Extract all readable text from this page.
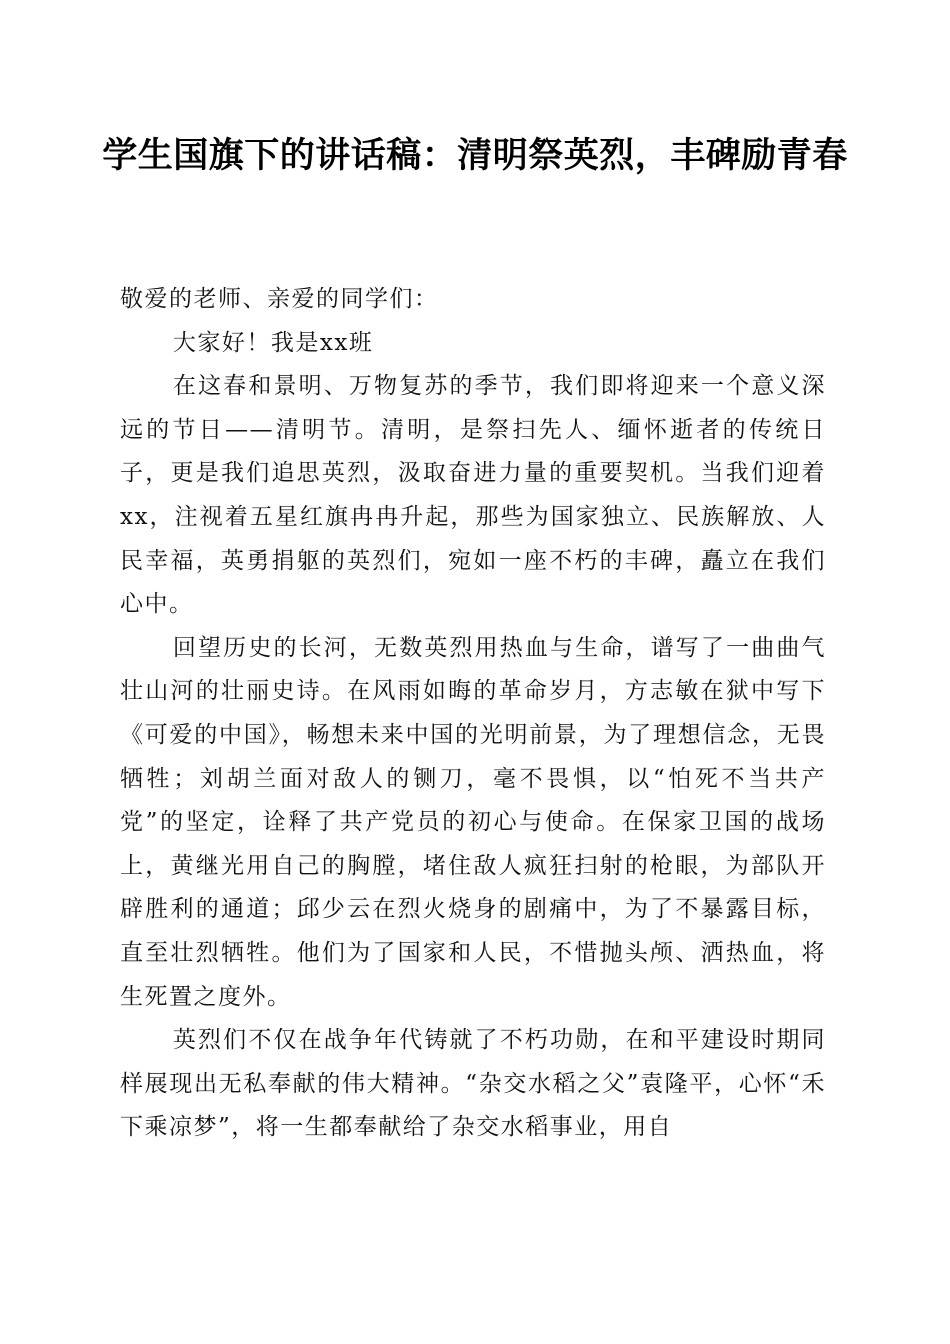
学生国旗下的讲话稿：清明祭英烈，丰碑励青春

敬爱的老师、亲爱的同学们：

大家好！我是xx班

在这春和景明、万物复苏的季节，我们即将迎来一个意义深远的节日——清明节。清明，是祭扫先人、缅怀逝者的传统日子，更是我们追思英烈，汲取奋进力量的重要契机。当我们迎着xx，注视着五星红旗冉冉升起，那些为国家独立、民族解放、人民幸福，英勇捐躯的英烈们，宛如一座不朽的丰碑，矗立在我们心中。

回望历史的长河，无数英烈用热血与生命，谱写了一曲曲气壮山河的壮丽史诗。在风雨如晦的革命岁月，方志敏在狱中写下《可爱的中国》，畅想未来中国的光明前景，为了理想信念，无畏牺牲；刘胡兰面对敌人的铡刀，毫不畏惧，以“怕死不当共产党”的坚定，诠释了共产党员的初心与使命。在保家卫国的战场上，黄继光用自己的胸膛，堵住敌人疯狂扫射的枪眼，为部队开辟胜利的通道；邱少云在烈火烧身的剧痛中，为了不暴露目标，直至壮烈牺牲。他们为了国家和人民，不惜抛头颅、洒热血，将生死置之度外。

英烈们不仅在战争年代铸就了不朽功勋，在和平建设时期同样展现出无私奉献的伟大精神。“杂交水稻之父”袁隆平，心怀“禾下乘凉梦”，将一生都奉献给了杂交水稻事业，用自
